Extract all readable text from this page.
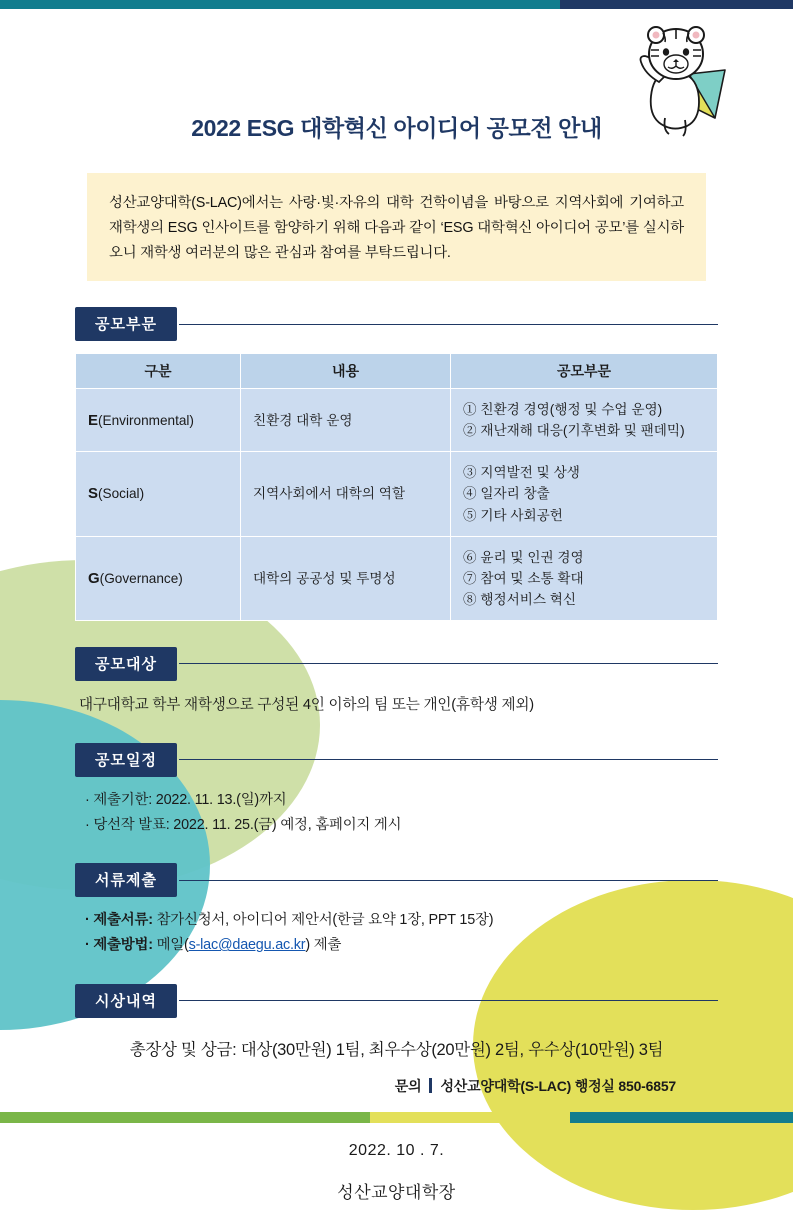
2022 ESG 대학혁신 아이디어 공모전 안내
성산교양대학(S-LAC)에서는 사랑·빛·자유의 대학 건학이념을 바탕으로 지역사회에 기여하고 재학생의 ESG 인사이트를 함양하기 위해 다음과 같이 ‘ESG 대학혁신 아이디어 공모’를 실시하오니 재학생 여러분의 많은 관심과 참여를 부탁드립니다.
공모부문
구분	내용	공모부문
E(Environmental)	친환경 대학 운영	① 친환경 경영(행정 및 수업 운영)
② 재난재해 대응(기후변화 및 팬데믹)

S(Social)	지역사회에서 대학의 역할	③ 지역발전 및 상생
④ 일자리 창출
⑤ 기타 사회공헌

G(Governance)	대학의 공공성 및 투명성	⑥ 윤리 및 인권 경영
⑦ 참여 및 소통 확대
⑧ 행정서비스 혁신
공모대상
대구대학교 학부 재학생으로 구성된 4인 이하의 팀 또는 개인(휴학생 제외)
공모일정
· 제출기한: 2022. 11. 13.(일)까지
· 당선작 발표: 2022. 11. 25.(금) 예정, 홈페이지 게시
서류제출
· 제출서류: 참가신청서, 아이디어 제안서(한글 요약 1장, PPT 15장)
· 제출방법: 메일(s-lac@daegu.ac.kr) 제출
시상내역
총장상 및 상금: 대상(30만원) 1팀, 최우수상(20만원) 2팀, 우수상(10만원) 3팀
문의 성산교양대학(S-LAC) 행정실 850-6857
2022. 10 . 7.
성산교양대학장
